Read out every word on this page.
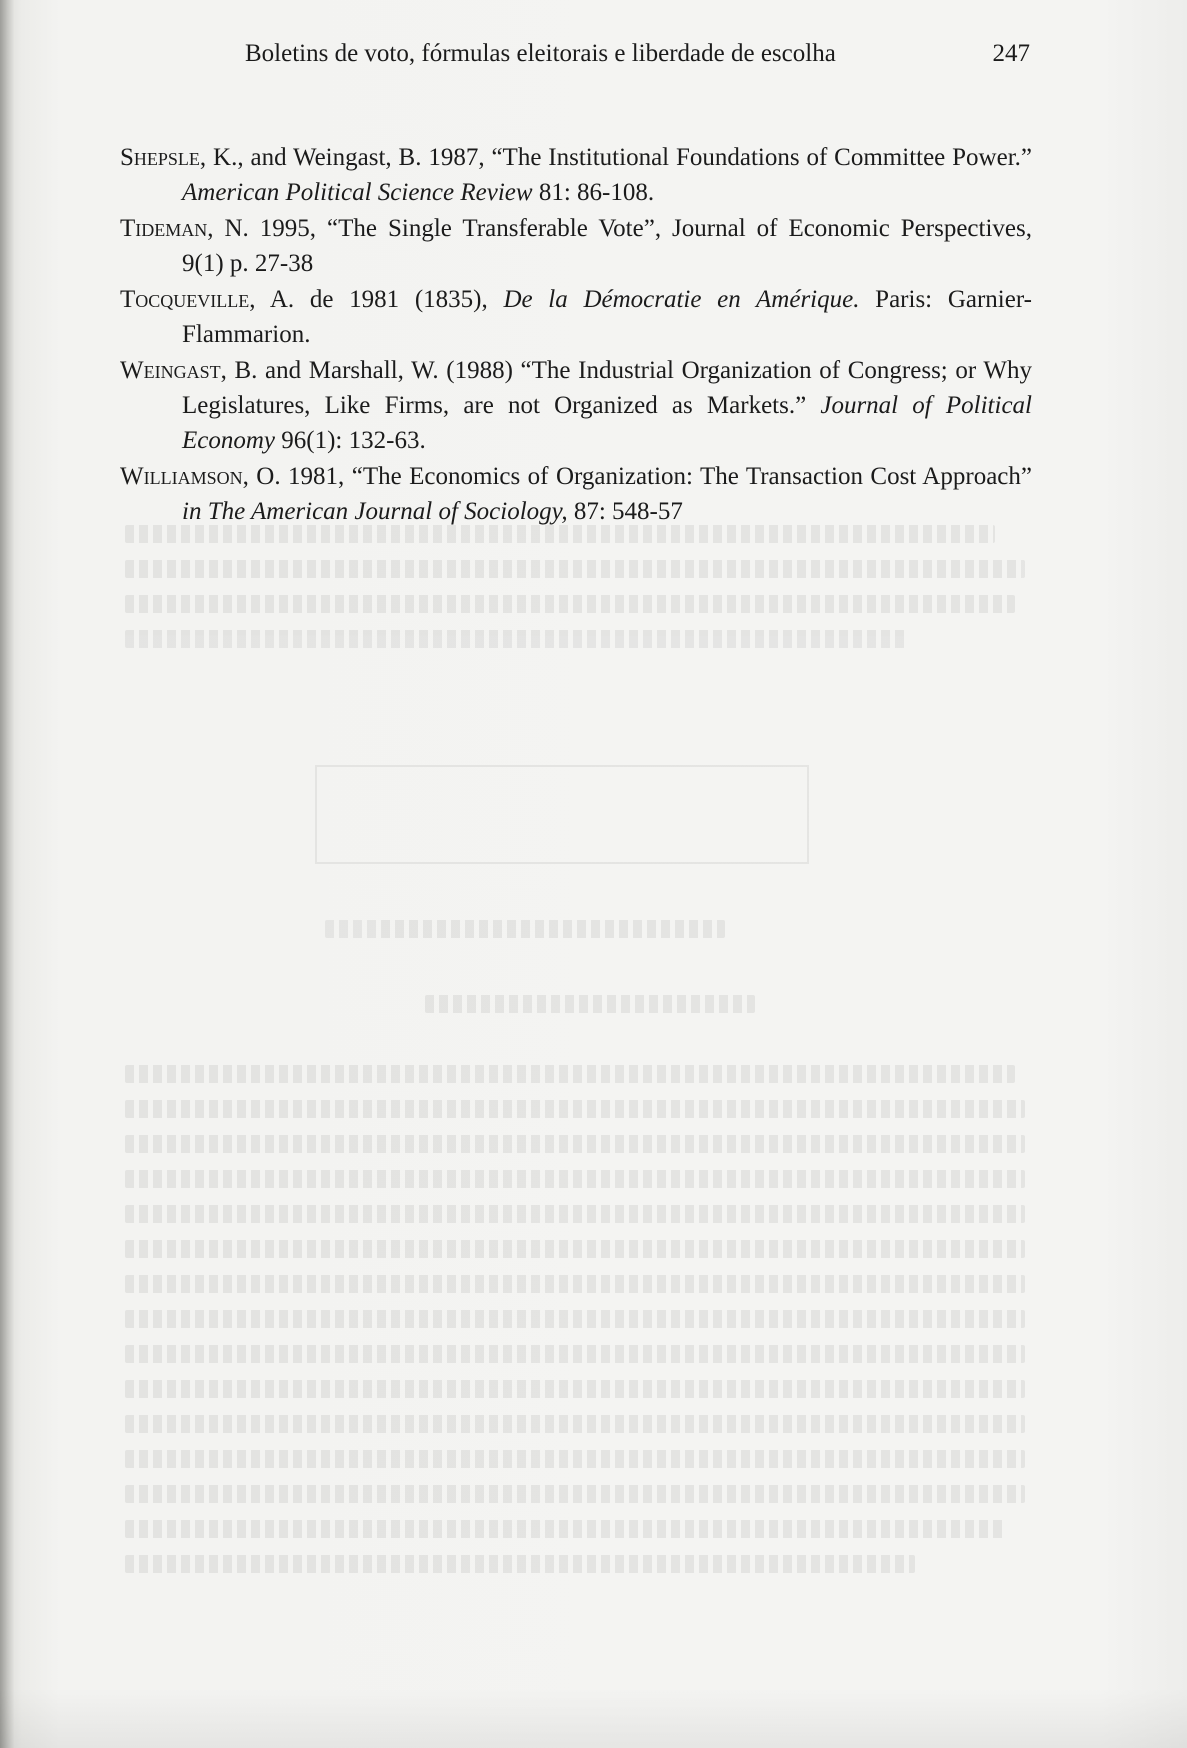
Boletins de voto, fórmulas eleitorais e liberdade de escolha	247

Shepsle, K., and Weingast, B. 1987, “The Institutional Foundations of Committee Power.” American Political Science Review 81: 86-108.

Tideman, N. 1995, “The Single Transferable Vote”, Journal of Economic Perspectives, 9(1) p. 27-38

Tocqueville, A. de 1981 (1835), De la Démocratie en Amérique. Paris: Garnier-Flammarion.

Weingast, B. and Marshall, W. (1988) “The Industrial Organization of Congress; or Why Legislatures, Like Firms, are not Organized as Markets.” Journal of Political Economy 96(1): 132-63.

Williamson, O. 1981, “The Economics of Organization: The Transaction Cost Approach” in The American Journal of Sociology, 87: 548-57
